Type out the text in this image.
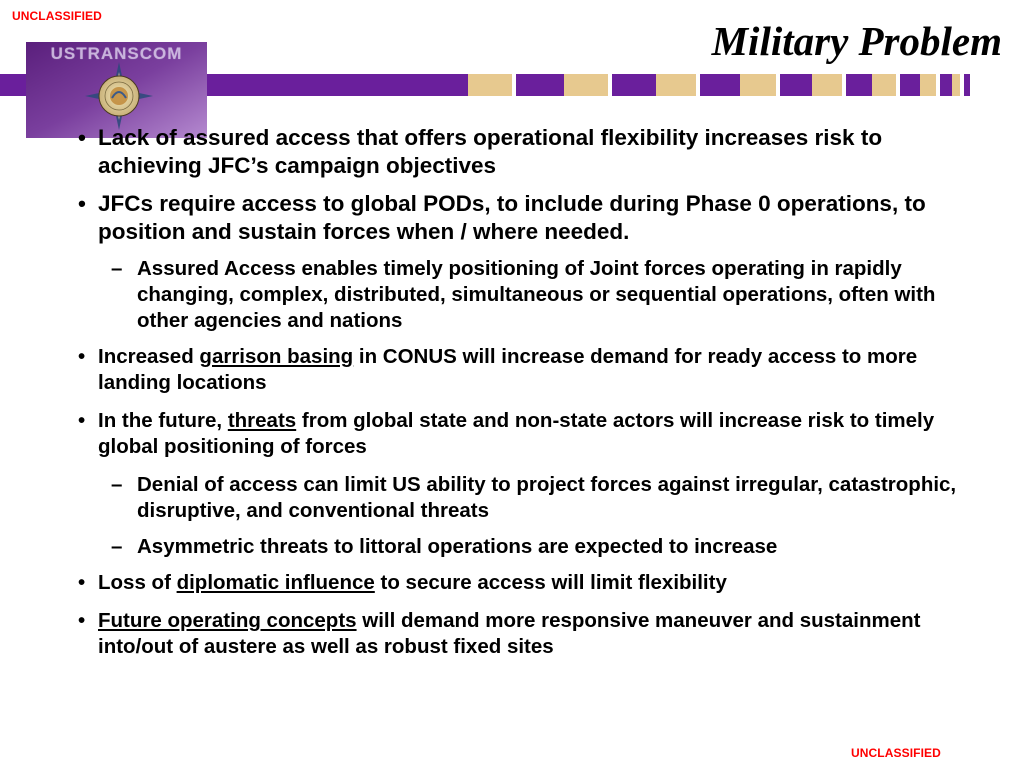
UNCLASSIFIED
Military Problem
USTRANSCOM
• Lack of assured access that offers operational flexibility increases risk to achieving JFC’s campaign objectives
• JFCs require access to global PODs, to include during Phase 0 operations, to position and sustain forces when / where needed.
– Assured Access enables timely positioning of Joint forces operating in rapidly changing, complex, distributed, simultaneous or sequential operations, often with other agencies and nations
• Increased garrison basing in CONUS will increase demand for ready access to more landing locations
• In the future, threats from global state and non-state actors will increase risk to timely global positioning of forces
– Denial of access can limit US ability to project forces against irregular, catastrophic, disruptive, and conventional threats
– Asymmetric threats to littoral operations are expected to increase
• Loss of diplomatic influence to secure access will limit flexibility
• Future operating concepts will demand more responsive maneuver and sustainment into/out of austere as well as robust fixed sites
UNCLASSIFIED
